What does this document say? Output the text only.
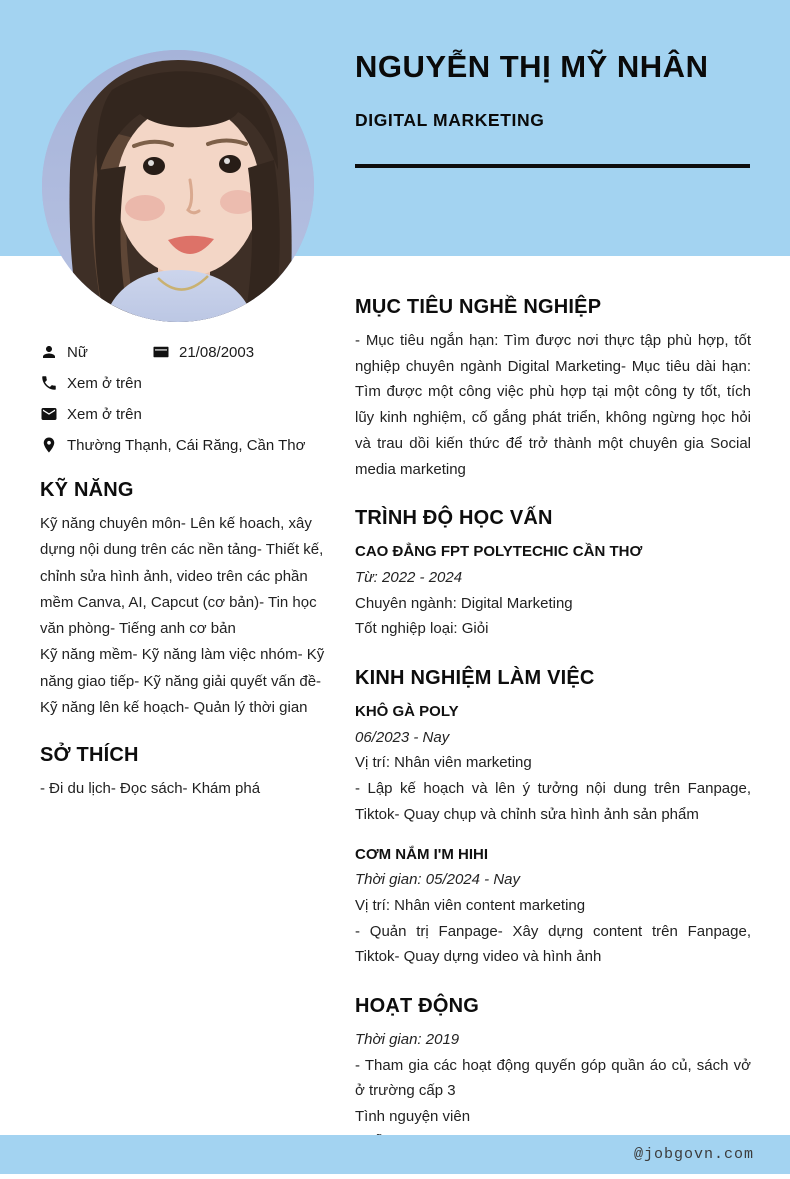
NGUYỄN THỊ MỸ NHÂN
DIGITAL MARKETING
Nữ	21/08/2003
Xem ở trên
Xem ở trên
Thường Thạnh, Cái Răng, Cần Thơ
KỸ NĂNG

Kỹ năng chuyên môn- Lên kế hoach, xây dựng nội dung trên các nền tảng- Thiết kế, chỉnh sửa hình ảnh, video trên các phần mềm Canva, AI, Capcut (cơ bản)- Tin học văn phòng- Tiếng anh cơ bản

Kỹ năng mềm- Kỹ năng làm việc nhóm- Kỹ năng giao tiếp- Kỹ năng giải quyết vấn đề- Kỹ năng lên kế hoạch- Quản lý thời gian

SỞ THÍCH

- Đi du lịch- Đọc sách- Khám phá

MỤC TIÊU NGHỀ NGHIỆP

- Mục tiêu ngắn hạn: Tìm được nơi thực tập phù hợp, tốt nghiệp chuyên ngành Digital Marketing- Mục tiêu dài hạn: Tìm được một công việc phù hợp tại một công ty tốt, tích lũy kinh nghiệm, cố gắng phát triển, không ngừng học hỏi và trau dồi kiến thức để trở thành một chuyên gia Social media marketing

TRÌNH ĐỘ HỌC VẤN
CAO ĐẲNG FPT POLYTECHIC CẦN THƠ
Từ: 2022 - 2024
Chuyên ngành: Digital Marketing
Tốt nghiệp loại: Giỏi
KINH NGHIỆM LÀM VIỆC
KHÔ GÀ POLY
06/2023 - Nay
Vị trí: Nhân viên marketing
- Lập kế hoạch và lên ý tưởng nội dung trên Fanpage, Tiktok- Quay chụp và chỉnh sửa hình ảnh sản phẩm
CƠM NẮM I'M HIHI
Thời gian: 05/2024 - Nay
Vị trí: Nhân viên content marketing
- Quản trị Fanpage- Xây dựng content trên Fanpage, Tiktok- Quay dựng video và hình ảnh
HOẠT ĐỘNG
Thời gian: 2019
- Tham gia các hoạt động quyến góp quần áo củ, sách vở ở trường cấp 3
Tình nguyện viên
@jobgovn.com
